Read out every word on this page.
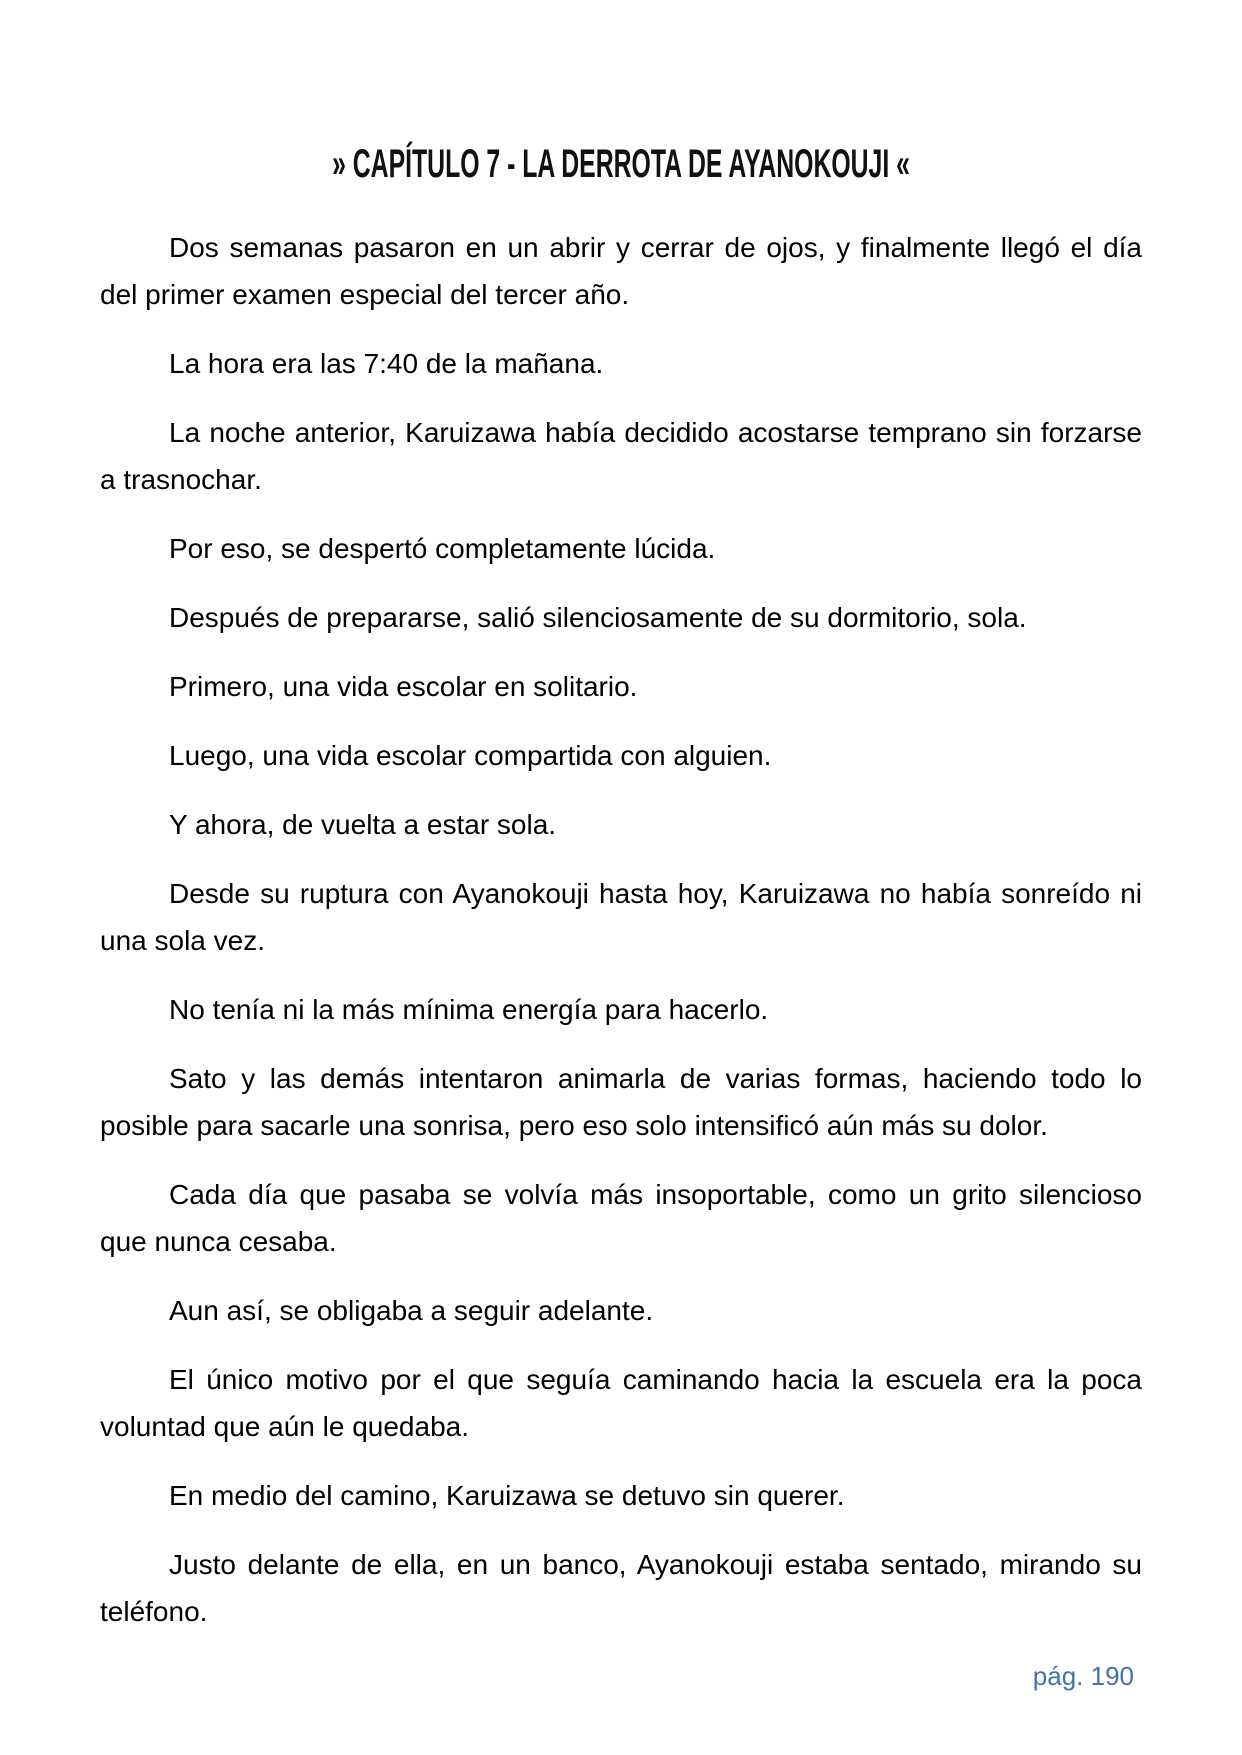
» CAPÍTULO 7 - LA DERROTA DE AYANOKOUJI «

Dos semanas pasaron en un abrir y cerrar de ojos, y finalmente llegó el día del primer examen especial del tercer año.

La hora era las 7:40 de la mañana.

La noche anterior, Karuizawa había decidido acostarse temprano sin forzarse a trasnochar.

Por eso, se despertó completamente lúcida.

Después de prepararse, salió silenciosamente de su dormitorio, sola.

Primero, una vida escolar en solitario.

Luego, una vida escolar compartida con alguien.

Y ahora, de vuelta a estar sola.

Desde su ruptura con Ayanokouji hasta hoy, Karuizawa no había sonreído ni una sola vez.

No tenía ni la más mínima energía para hacerlo.

Sato y las demás intentaron animarla de varias formas, haciendo todo lo posible para sacarle una sonrisa, pero eso solo intensificó aún más su dolor.

Cada día que pasaba se volvía más insoportable, como un grito silencioso que nunca cesaba.

Aun así, se obligaba a seguir adelante.

El único motivo por el que seguía caminando hacia la escuela era la poca voluntad que aún le quedaba.

En medio del camino, Karuizawa se detuvo sin querer.

Justo delante de ella, en un banco, Ayanokouji estaba sentado, mirando su teléfono.

pág. 190
